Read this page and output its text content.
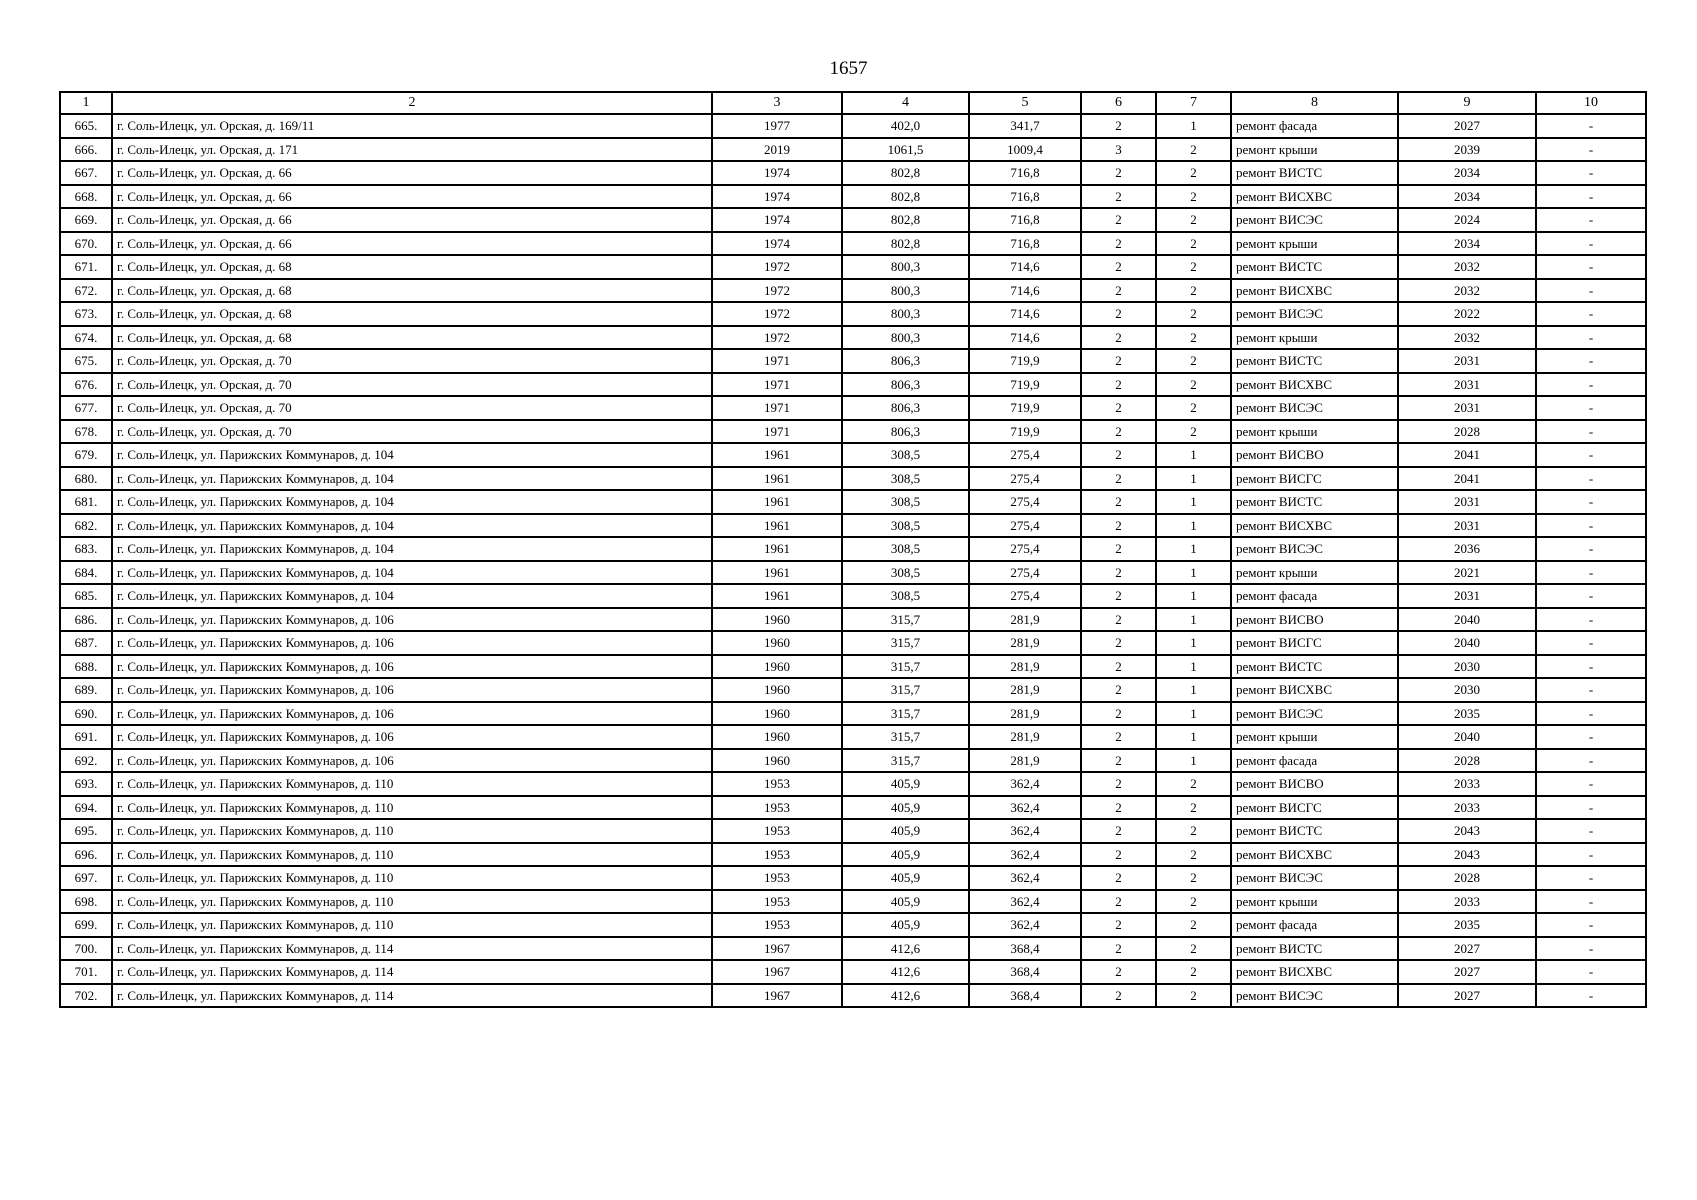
1657
1	2	3	4	5	6	7	8	9	10
665.	г. Соль-Илецк, ул. Орская, д. 169/11	1977	402,0	341,7	2	1	ремонт фасада	2027	-
666.	г. Соль-Илецк, ул. Орская, д. 171	2019	1061,5	1009,4	3	2	ремонт крыши	2039	-
667.	г. Соль-Илецк, ул. Орская, д. 66	1974	802,8	716,8	2	2	ремонт ВИСТС	2034	-
668.	г. Соль-Илецк, ул. Орская, д. 66	1974	802,8	716,8	2	2	ремонт ВИСХВС	2034	-
669.	г. Соль-Илецк, ул. Орская, д. 66	1974	802,8	716,8	2	2	ремонт ВИСЭС	2024	-
670.	г. Соль-Илецк, ул. Орская, д. 66	1974	802,8	716,8	2	2	ремонт крыши	2034	-
671.	г. Соль-Илецк, ул. Орская, д. 68	1972	800,3	714,6	2	2	ремонт ВИСТС	2032	-
672.	г. Соль-Илецк, ул. Орская, д. 68	1972	800,3	714,6	2	2	ремонт ВИСХВС	2032	-
673.	г. Соль-Илецк, ул. Орская, д. 68	1972	800,3	714,6	2	2	ремонт ВИСЭС	2022	-
674.	г. Соль-Илецк, ул. Орская, д. 68	1972	800,3	714,6	2	2	ремонт крыши	2032	-
675.	г. Соль-Илецк, ул. Орская, д. 70	1971	806,3	719,9	2	2	ремонт ВИСТС	2031	-
676.	г. Соль-Илецк, ул. Орская, д. 70	1971	806,3	719,9	2	2	ремонт ВИСХВС	2031	-
677.	г. Соль-Илецк, ул. Орская, д. 70	1971	806,3	719,9	2	2	ремонт ВИСЭС	2031	-
678.	г. Соль-Илецк, ул. Орская, д. 70	1971	806,3	719,9	2	2	ремонт крыши	2028	-
679.	г. Соль-Илецк, ул. Парижских Коммунаров, д. 104	1961	308,5	275,4	2	1	ремонт ВИСВО	2041	-
680.	г. Соль-Илецк, ул. Парижских Коммунаров, д. 104	1961	308,5	275,4	2	1	ремонт ВИСГС	2041	-
681.	г. Соль-Илецк, ул. Парижских Коммунаров, д. 104	1961	308,5	275,4	2	1	ремонт ВИСТС	2031	-
682.	г. Соль-Илецк, ул. Парижских Коммунаров, д. 104	1961	308,5	275,4	2	1	ремонт ВИСХВС	2031	-
683.	г. Соль-Илецк, ул. Парижских Коммунаров, д. 104	1961	308,5	275,4	2	1	ремонт ВИСЭС	2036	-
684.	г. Соль-Илецк, ул. Парижских Коммунаров, д. 104	1961	308,5	275,4	2	1	ремонт крыши	2021	-
685.	г. Соль-Илецк, ул. Парижских Коммунаров, д. 104	1961	308,5	275,4	2	1	ремонт фасада	2031	-
686.	г. Соль-Илецк, ул. Парижских Коммунаров, д. 106	1960	315,7	281,9	2	1	ремонт ВИСВО	2040	-
687.	г. Соль-Илецк, ул. Парижских Коммунаров, д. 106	1960	315,7	281,9	2	1	ремонт ВИСГС	2040	-
688.	г. Соль-Илецк, ул. Парижских Коммунаров, д. 106	1960	315,7	281,9	2	1	ремонт ВИСТС	2030	-
689.	г. Соль-Илецк, ул. Парижских Коммунаров, д. 106	1960	315,7	281,9	2	1	ремонт ВИСХВС	2030	-
690.	г. Соль-Илецк, ул. Парижских Коммунаров, д. 106	1960	315,7	281,9	2	1	ремонт ВИСЭС	2035	-
691.	г. Соль-Илецк, ул. Парижских Коммунаров, д. 106	1960	315,7	281,9	2	1	ремонт крыши	2040	-
692.	г. Соль-Илецк, ул. Парижских Коммунаров, д. 106	1960	315,7	281,9	2	1	ремонт фасада	2028	-
693.	г. Соль-Илецк, ул. Парижских Коммунаров, д. 110	1953	405,9	362,4	2	2	ремонт ВИСВО	2033	-
694.	г. Соль-Илецк, ул. Парижских Коммунаров, д. 110	1953	405,9	362,4	2	2	ремонт ВИСГС	2033	-
695.	г. Соль-Илецк, ул. Парижских Коммунаров, д. 110	1953	405,9	362,4	2	2	ремонт ВИСТС	2043	-
696.	г. Соль-Илецк, ул. Парижских Коммунаров, д. 110	1953	405,9	362,4	2	2	ремонт ВИСХВС	2043	-
697.	г. Соль-Илецк, ул. Парижских Коммунаров, д. 110	1953	405,9	362,4	2	2	ремонт ВИСЭС	2028	-
698.	г. Соль-Илецк, ул. Парижских Коммунаров, д. 110	1953	405,9	362,4	2	2	ремонт крыши	2033	-
699.	г. Соль-Илецк, ул. Парижских Коммунаров, д. 110	1953	405,9	362,4	2	2	ремонт фасада	2035	-
700.	г. Соль-Илецк, ул. Парижских Коммунаров, д. 114	1967	412,6	368,4	2	2	ремонт ВИСТС	2027	-
701.	г. Соль-Илецк, ул. Парижских Коммунаров, д. 114	1967	412,6	368,4	2	2	ремонт ВИСХВС	2027	-
702.	г. Соль-Илецк, ул. Парижских Коммунаров, д. 114	1967	412,6	368,4	2	2	ремонт ВИСЭС	2027	-
